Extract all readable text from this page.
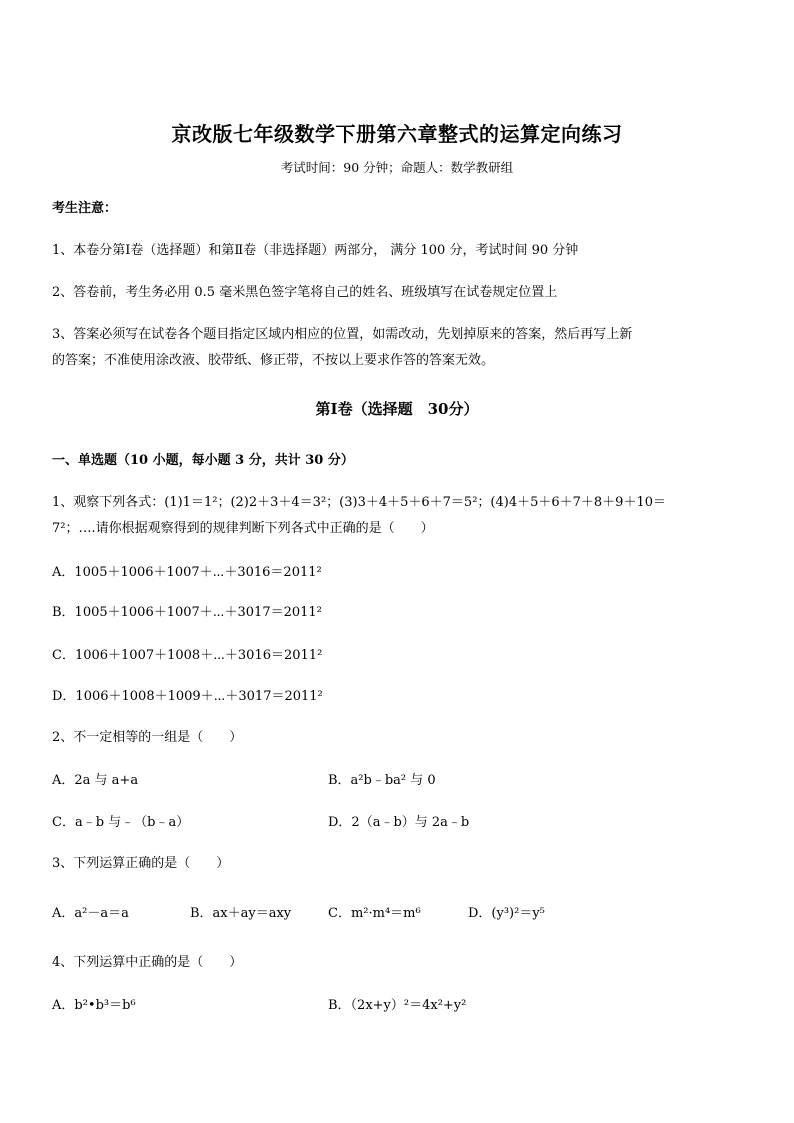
京改版七年级数学下册第六章整式的运算定向练习
考试时间：90 分钟；命题人：数学教研组
考生注意：
1、本卷分第Ⅰ卷（选择题）和第Ⅱ卷（非选择题）两部分， 满分 100 分，考试时间 90 分钟
2、答卷前，考生务必用 0.5 毫米黑色签字笔将自己的姓名、班级填写在试卷规定位置上
3、答案必须写在试卷各个题目指定区域内相应的位置，如需改动，先划掉原来的答案，然后再写上新
的答案；不准使用涂改液、胶带纸、修正带，不按以上要求作答的答案无效。
第Ⅰ卷（选择题　30分）
一、单选题（10 小题，每小题 3 分，共计 30 分）
1、观察下列各式：(1)1＝1²；(2)2＋3＋4＝3²；(3)3＋4＋5＋6＋7＝5²；(4)4＋5＋6＋7＋8＋9＋10＝
7²；….请你根据观察得到的规律判断下列各式中正确的是（　　）
A．1005＋1006＋1007＋⋯＋3016＝2011²
B．1005＋1006＋1007＋⋯＋3017＝2011²
C．1006＋1007＋1008＋⋯＋3016＝2011²
D．1006＋1008＋1009＋⋯＋3017＝2011²
2、不一定相等的一组是（　　）
A．2a 与 a+a	B．a²b﹣ba² 与 0
C．a﹣b 与﹣（b﹣a）	D．2（a﹣b）与 2a﹣b
3、下列运算正确的是（　　）
A．a²－a＝a	B．ax＋ay＝axy	C．m²·m⁴＝m⁶	D．(y³)²＝y⁵
4、下列运算中正确的是（　　）
A．b²•b³＝b⁶	B．（2x+y）²＝4x²+y²
